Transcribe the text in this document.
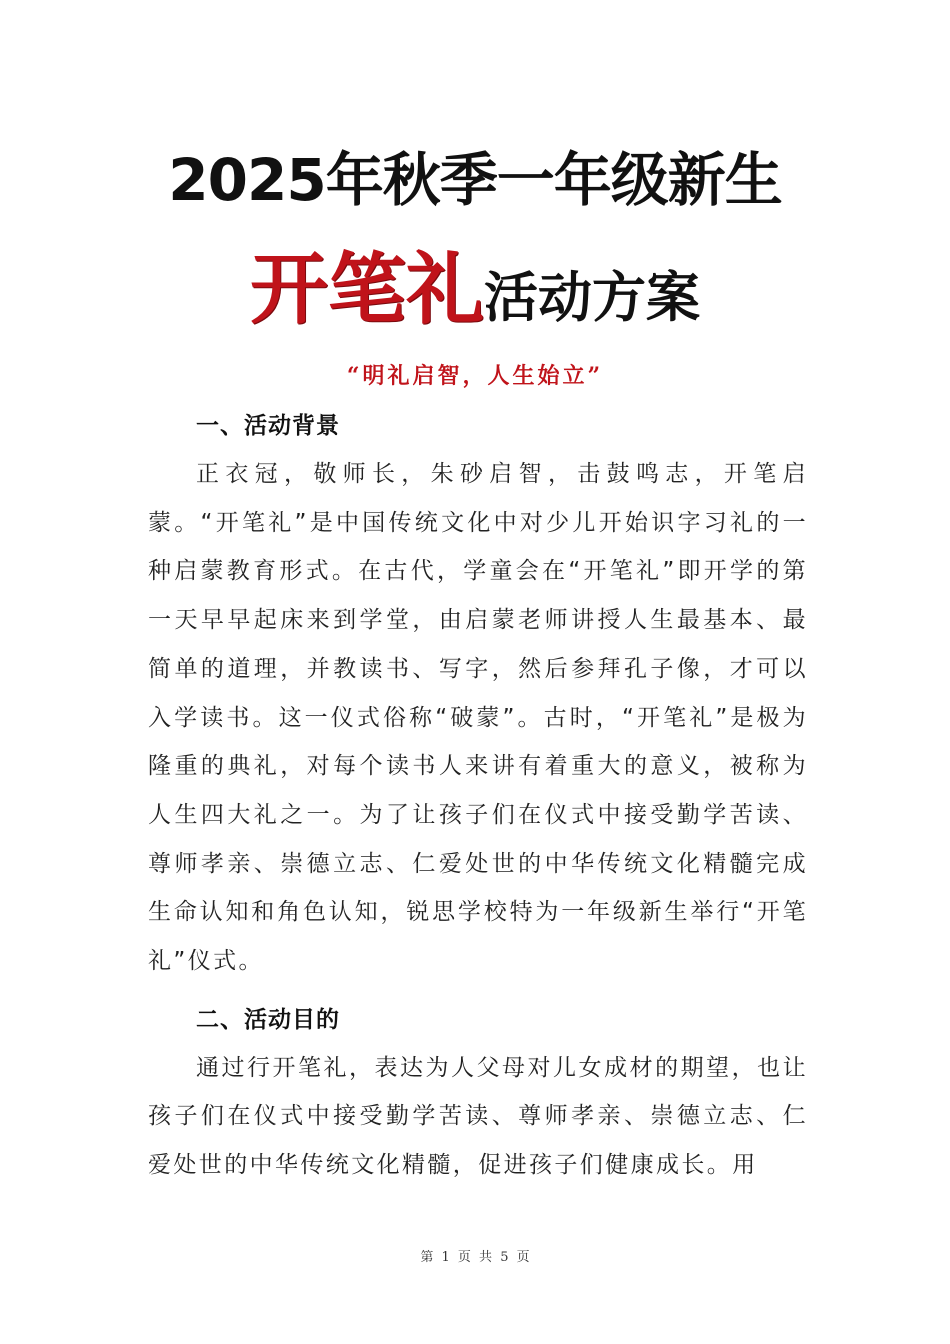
2025年秋季一年级新生
开笔礼活动方案
“明礼启智，人生始立”
一、活动背景

正衣冠，敬师长，朱砂启智，击鼓鸣志，开笔启蒙。“开笔礼”是中国传统文化中对少儿开始识字习礼的一种启蒙教育形式。在古代，学童会在“开笔礼”即开学的第一天早早起床来到学堂，由启蒙老师讲授人生最基本、最简单的道理，并教读书、写字，然后参拜孔子像，才可以入学读书。这一仪式俗称“破蒙”。古时，“开笔礼”是极为隆重的典礼，对每个读书人来讲有着重大的意义，被称为人生四大礼之一。为了让孩子们在仪式中接受勤学苦读、尊师孝亲、崇德立志、仁爱处世的中华传统文化精髓完成生命认知和角色认知，锐思学校特为一年级新生举行“开笔礼”仪式。

二、活动目的

通过行开笔礼，表达为人父母对儿女成材的期望，也让孩子们在仪式中接受勤学苦读、尊师孝亲、崇德立志、仁爱处世的中华传统文化精髓，促进孩子们健康成长。用

第 1 页 共 5 页
